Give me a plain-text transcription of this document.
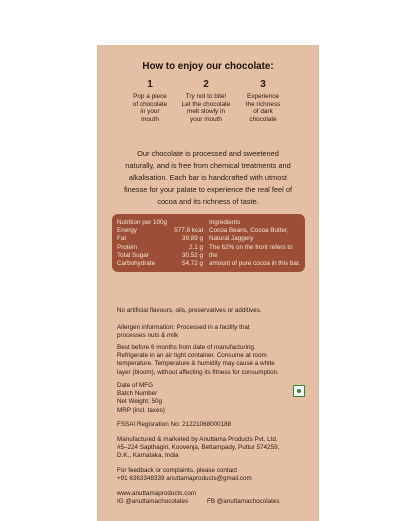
How to enjoy our chocolate:
1
Pop a piece
of chocolate
in your
mouth
2
Try not to bite!
Let the chocolate
melt slowly in
your mouth
3
Experience
the richness
of dark
chocolate
Our chocolate is processed and sweetened
naturally, and is free from chemical treatments and
alkalisation. Each bar is handcrafted with utmost
finesse for your palate to experience the real feel of
cocoa and its richness of taste.
Nutrition per 100g
Energy	577.8 kcal
Fat	39.89 g
Protein	2.1 g
Total Sugar	30.52 g
Carbohydrate	54.72 g
Ingredients
Cocoa Beans, Cocoa Butter,
Natural Jaggery
The 62% on the front refers to the
amount of pure cocoa in this bar.
No artificial flavours, oils, preservatives or additives.
Allergen information: Processed in a facility that
processes nuts & milk
Best before 6 months from date of manufacturing.
Refrigerate in an air tight container. Consume at room
temperature. Temperature & humidity may cause a white
layer (bloom), without affecting its fitness for consumption.
Date of MFG
Batch Number
Net Weight: 50g
MRP (incl. taxes)
FSSAI Regisration No: 21221068000188
Manufactured & marketed by Anuttama Products Pvt. Ltd.
#5–224 Sapthagiri, Koovenja, Bettampady, Puttur 574259,
D.K., Karnataka, India
For feedback or complaints, please contact
+91 6363348339 anuttamaproducts@gmail.com
www.anuttamaproducts.com
IG @anuttamachocolates	FB @anuttamachocolates
